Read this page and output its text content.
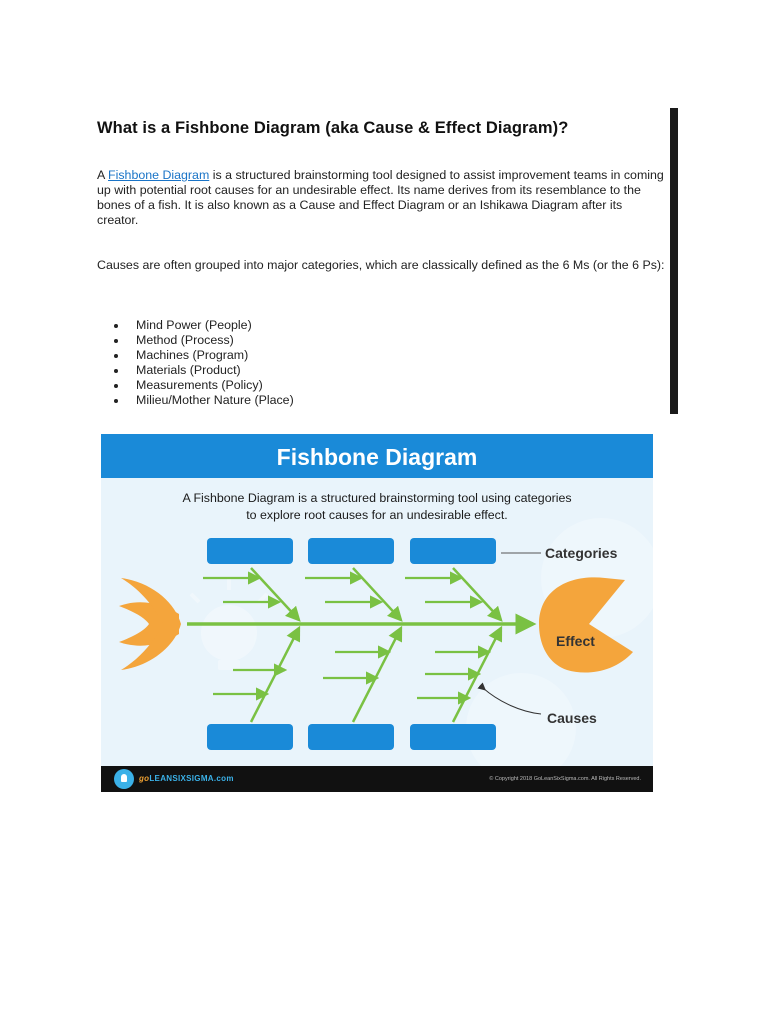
What is a Fishbone Diagram (aka Cause & Effect Diagram)?

A Fishbone Diagram is a structured brainstorming tool designed to assist improvement teams in coming up with potential root causes for an undesirable effect. Its name derives from its resemblance to the bones of a fish. It is also known as a Cause and Effect Diagram or an Ishikawa Diagram after its creator.

Causes are often grouped into major categories, which are classically defined as the 6 Ms (or the 6 Ps):

Mind Power (People)
Method (Process)
Machines (Program)
Materials (Product)
Measurements (Policy)
Milieu/Mother Nature (Place)
Fishbone Diagram
A Fishbone Diagram is a structured brainstorming tool using categories
to explore root causes for an undesirable effect.
Categories
Effect
Causes
goLEANSIXSIGMA.com	© Copyright 2018 GoLeanSixSigma.com. All Rights Reserved.
